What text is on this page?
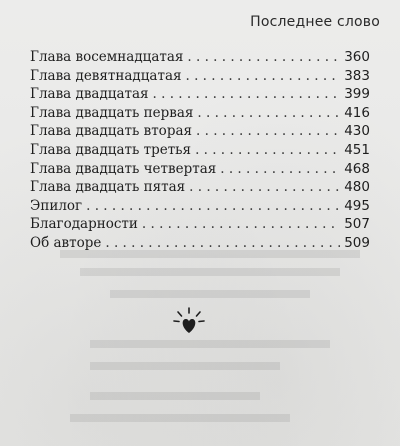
Последнее слово
Глава восемнадцатая . . .	360
Глава девятнадцатая . . .	383
Глава двадцатая . . .	399
Глава двадцать первая . . .	416
Глава двадцать вторая . . .	430
Глава двадцать третья . . .	451
Глава двадцать четвертая . . .	468
Глава двадцать пятая . . .	480
Эпилог . . .	495
Благодарности . . .	507
Об авторе . . .	509
